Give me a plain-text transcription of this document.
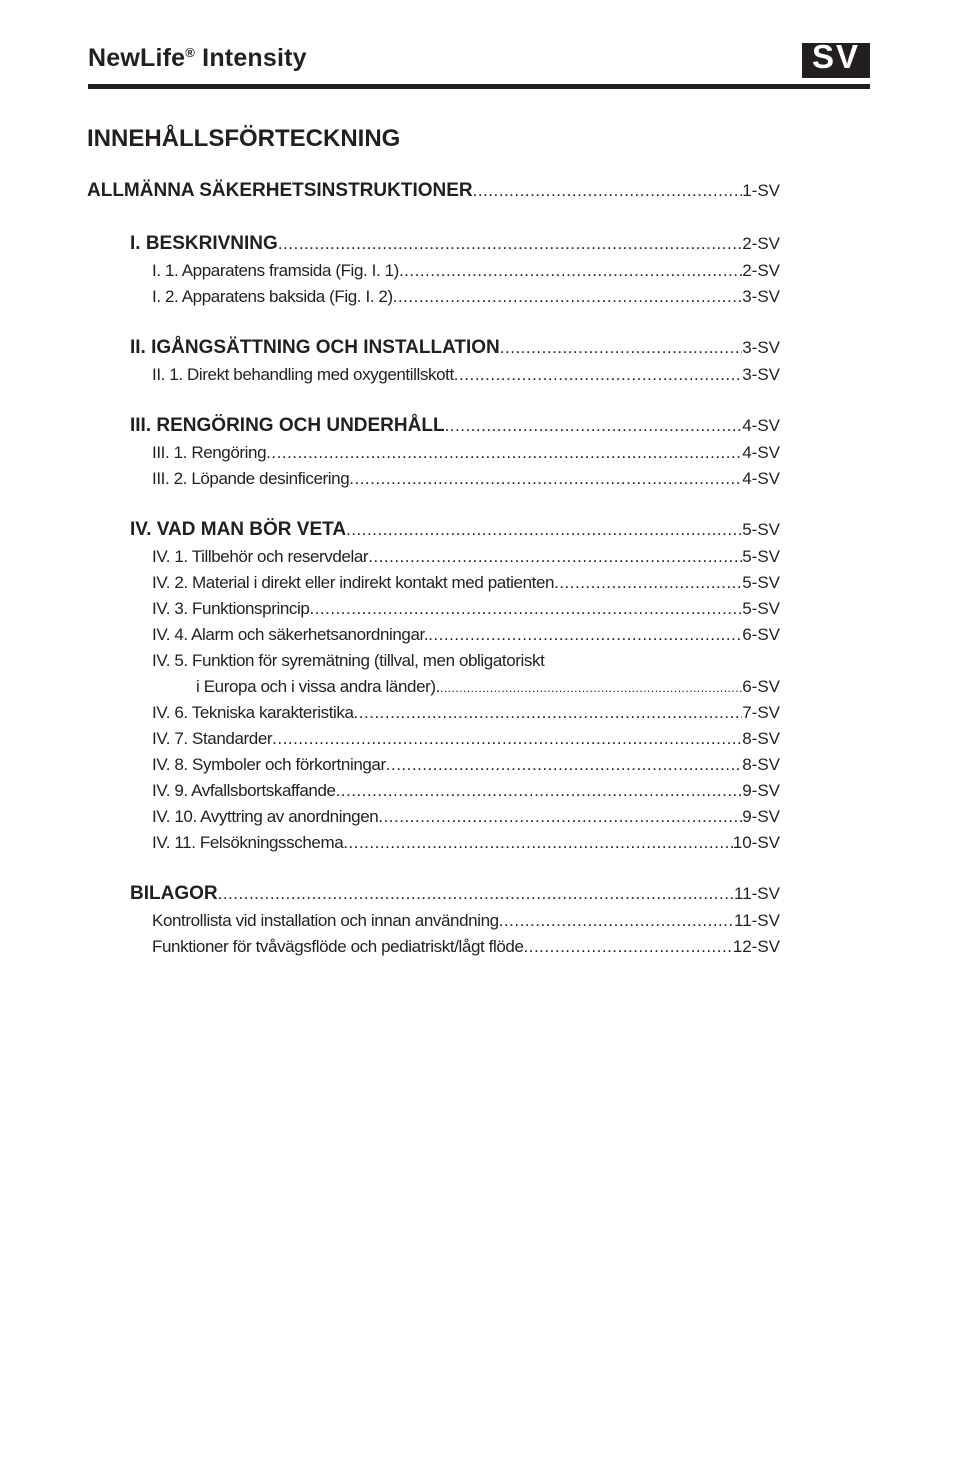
NewLife® Intensity	SV
INNEHÅLLSFÖRTECKNING
ALLMÄNNA SÄKERHETSINSTRUKTIONER .....	1-SV
I. BESKRIVNING .....	2-SV
I. 1. Apparatens framsida (Fig. I. 1) .....	2-SV
I. 2. Apparatens baksida (Fig. I. 2) .....	3-SV
II. IGÅNGSÄTTNING OCH INSTALLATION .....	3-SV
II. 1. Direkt behandling med oxygentillskott .....	3-SV
III. RENGÖRING OCH UNDERHÅLL .....	4-SV
III. 1. Rengöring .....	4-SV
III. 2. Löpande desinficering .....	4-SV
IV. VAD MAN BÖR VETA .....	5-SV
IV. 1. Tillbehör och reservdelar .....	5-SV
IV. 2. Material i direkt eller indirekt kontakt med patienten .....	5-SV
IV. 3. Funktionsprincip .....	5-SV
IV. 4. Alarm och säkerhetsanordningar. .....	6-SV
IV. 5. Funktion för syremätning (tillval, men obligatoriskt
i Europa och i vissa andra länder). .....	6-SV
IV. 6. Tekniska karakteristika .....	7-SV
IV. 7. Standarder .....	8-SV
IV. 8. Symboler och förkortningar .....	8-SV
IV. 9. Avfallsbortskaffande .....	9-SV
IV. 10. Avyttring av anordningen .....	9-SV
IV. 11. Felsökningsschema .....	10-SV
BILAGOR .....	11-SV
Kontrollista vid installation och innan användning .....	11-SV
Funktioner för tvåvägsflöde och pediatriskt/lågt flöde .....	12-SV
